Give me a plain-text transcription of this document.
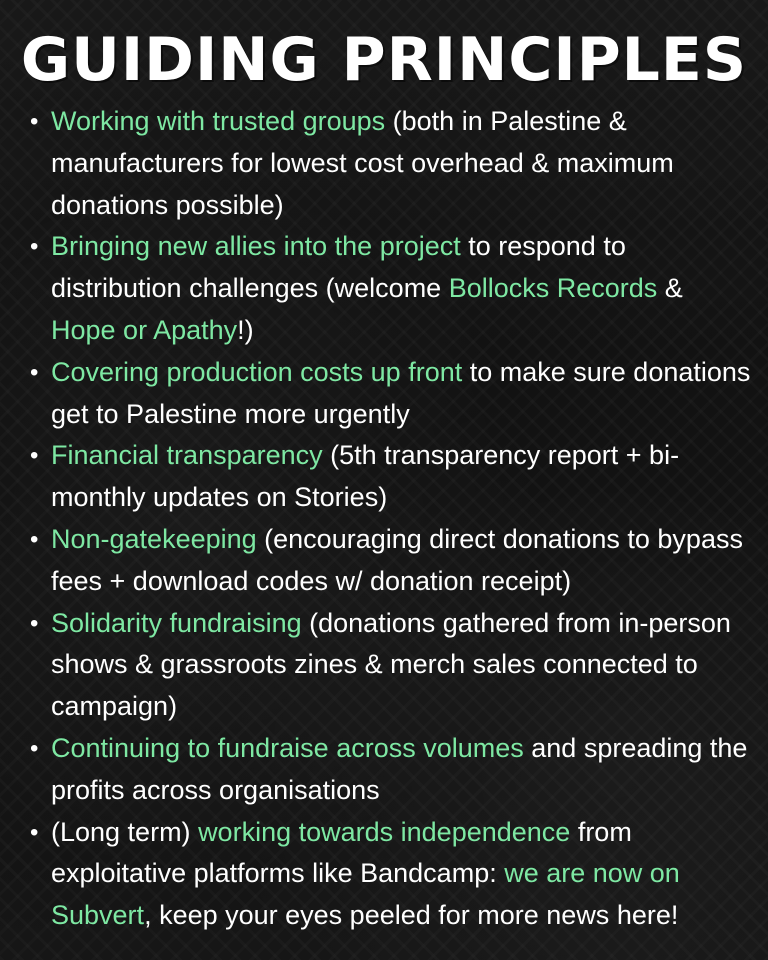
GUIDING PRINCIPLES
• Working with trusted groups (both in Palestine & manufacturers for lowest cost overhead & maximum donations possible)
• Bringing new allies into the project to respond to distribution challenges (welcome Bollocks Records & Hope or Apathy!)
• Covering production costs up front to make sure donations get to Palestine more urgently
• Financial transparency (5th transparency report + bi-monthly updates on Stories)
• Non-gatekeeping (encouraging direct donations to bypass fees + download codes w/ donation receipt)
• Solidarity fundraising (donations gathered from in-person shows & grassroots zines & merch sales connected to campaign)
• Continuing to fundraise across volumes and spreading the profits across organisations
• (Long term) working towards independence from exploitative platforms like Bandcamp: we are now on Subvert, keep your eyes peeled for more news here!
